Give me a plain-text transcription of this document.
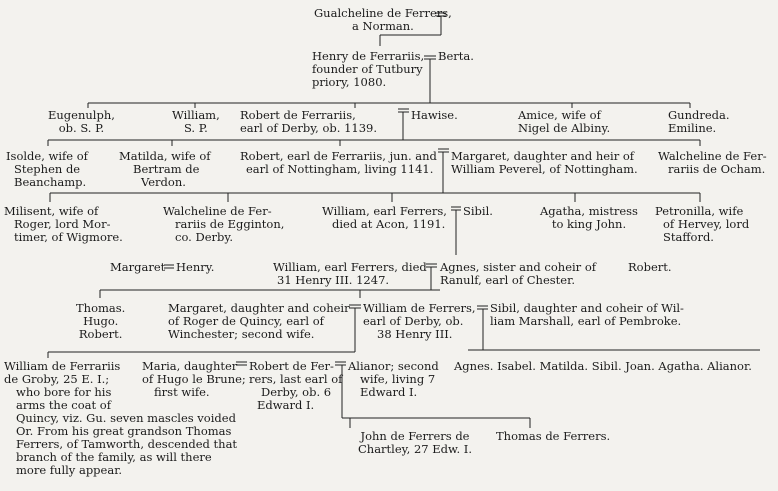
Gualcheline de Ferrers,
a Norman.
Henry de Ferrariis,
founder of Tutbury
priory, 1080.
Berta.
Eugenulph,
ob. S. P.
William,
S. P.
Robert de Ferrariis,
earl of Derby, ob. 1139.
Hawise.	Amice, wife of
Nigel de Albiny.
Gundreda.
Emiline.
Isolde, wife of
Stephen de
Beanchamp.
Matilda, wife of
Bertram de
Verdon.
Robert, earl de Ferrariis, jun. and
earl of Nottingham, living 1141.
Margaret, daughter and heir of
William Peverel, of Nottingham.
Walcheline de Fer-
rariis de Ocham.
Milisent, wife of
Roger, lord Mor-
timer, of Wigmore.
Walcheline de Fer-
rariis de Egginton,
co. Derby.
William, earl Ferrers,
died at Acon, 1191.
Sibil.	Agatha, mistress
to king John.
Petronilla, wife
of Hervey, lord
Stafford.
Margaret Henry.	William, earl Ferrers, died
31 Henry III. 1247.
Agnes, sister and coheir of
Ranulf, earl of Chester.
Robert.
Thomas.
Hugo.
Robert.
Margaret, daughter and coheir
of Roger de Quincy, earl of
Winchester; second wife.
William de Ferrers,
earl of Derby, ob.
38 Henry III.
Sibil, daughter and coheir of Wil-
liam Marshall, earl of Pembroke.
Agnes. Isabel. Matilda. Sibil. Joan. Agatha. Alianor.
William de Ferrariis
de Groby, 25 E. I.;
who bore for his
arms the coat of
Quincy, viz. Gu. seven mascles voided
Or. From his great grandson Thomas
Ferrers, of Tamworth, descended that
branch of the family, as will there
more fully appear.
Maria, daughter
of Hugo le Brune;
first wife.
Robert de Fer-
rers, last earl of
Derby, ob. 6
Edward I.
Alianor; second
wife, living 7
Edward I.
John de Ferrers de
Chartley, 27 Edw. I.
Thomas de Ferrers.
